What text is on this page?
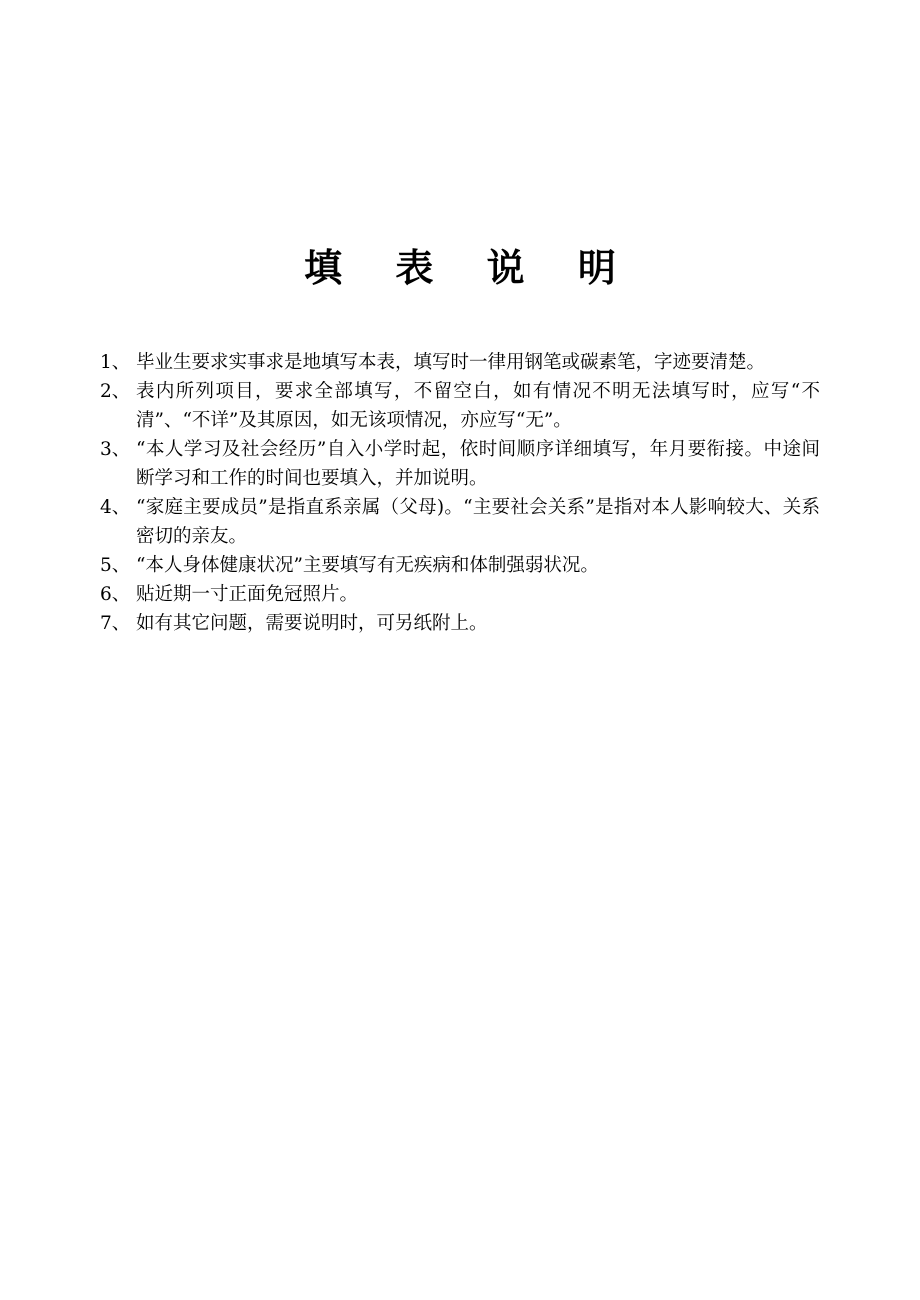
填 表 说 明
1、 毕业生要求实事求是地填写本表，填写时一律用钢笔或碳素笔，字迹要清楚。
2、 表内所列项目，要求全部填写，不留空白，如有情况不明无法填写时，应写“不清”、“不详”及其原因，如无该项情况，亦应写“无”。
3、 “本人学习及社会经历”自入小学时起，依时间顺序详细填写，年月要衔接。中途间断学习和工作的时间也要填入，并加说明。
4、 “家庭主要成员”是指直系亲属（父母)。“主要社会关系”是指对本人影响较大、关系密切的亲友。
5、 “本人身体健康状况”主要填写有无疾病和体制强弱状况。
6、 贴近期一寸正面免冠照片。
7、 如有其它问题，需要说明时，可另纸附上。
